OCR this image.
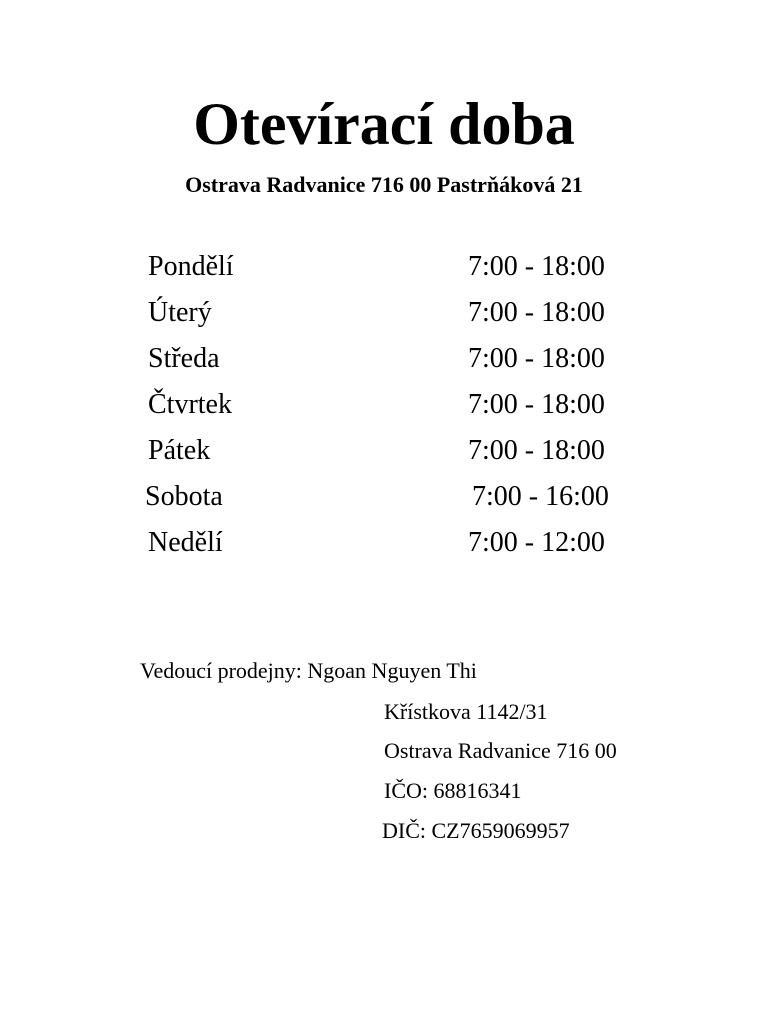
Otevírací doba
Ostrava Radvanice 716 00 Pastrňáková 21
Pondělí	7:00 - 18:00
Úterý	7:00 - 18:00
Středa	7:00 - 18:00
Čtvrtek	7:00 - 18:00
Pátek	7:00 - 18:00
Sobota	7:00 - 16:00
Nedělí	7:00 - 12:00
Vedoucí prodejny: Ngoan Nguyen Thi
Křístkova 1142/31
Ostrava Radvanice 716 00
IČO: 68816341
DIČ: CZ7659069957
